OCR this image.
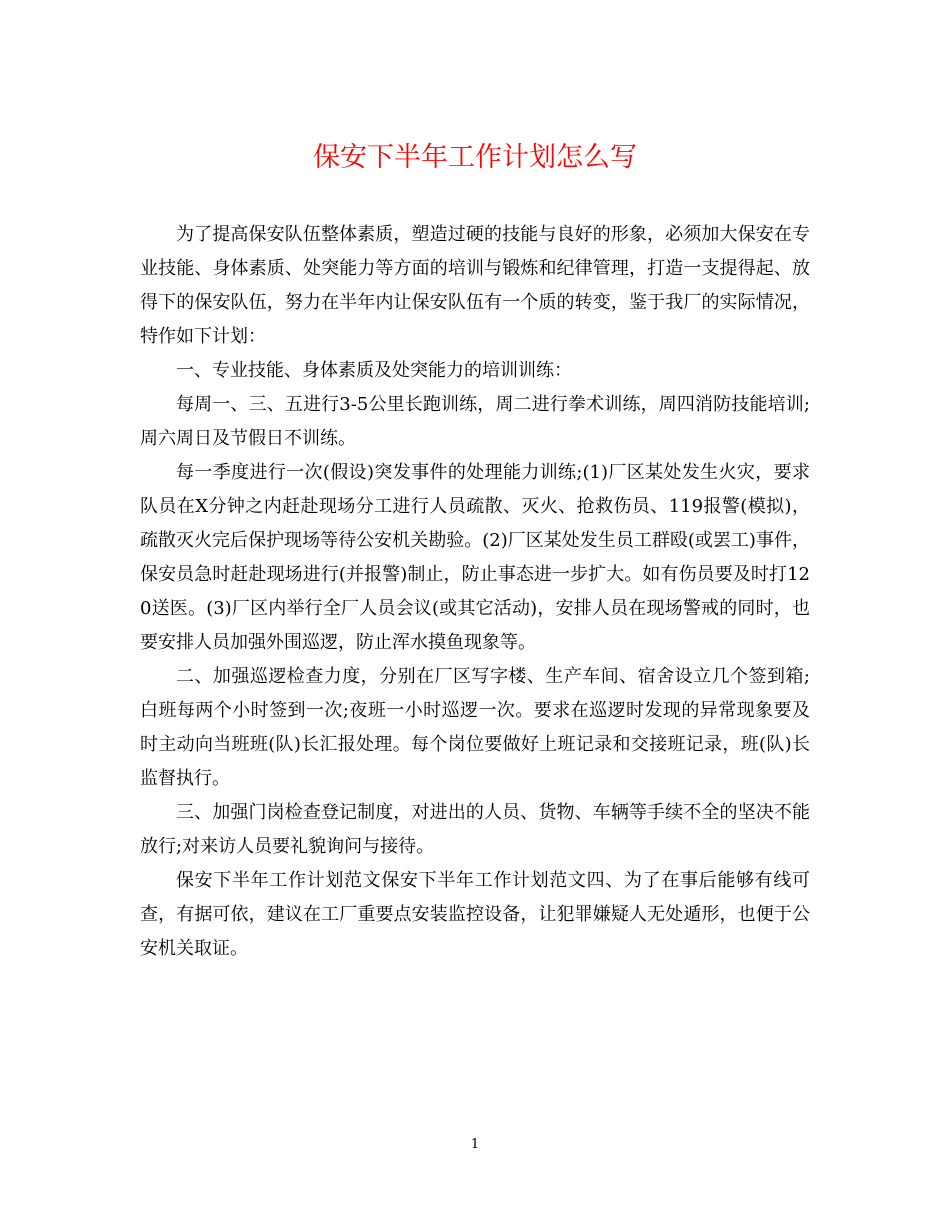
保安下半年工作计划怎么写

为了提高保安队伍整体素质，塑造过硬的技能与良好的形象，必须加大保安在专业技能、身体素质、处突能力等方面的培训与锻炼和纪律管理，打造一支提得起、放得下的保安队伍，努力在半年内让保安队伍有一个质的转变，鉴于我厂的实际情况，特作如下计划：

一、专业技能、身体素质及处突能力的培训训练：

每周一、三、五进行3-5公里长跑训练，周二进行拳术训练，周四消防技能培训;周六周日及节假日不训练。

每一季度进行一次(假设)突发事件的处理能力训练;(1)厂区某处发生火灾，要求队员在X分钟之内赶赴现场分工进行人员疏散、灭火、抢救伤员、119报警(模拟)，疏散灭火完后保护现场等待公安机关勘验。(2)厂区某处发生员工群殴(或罢工)事件，保安员急时赶赴现场进行(并报警)制止，防止事态进一步扩大。如有伤员要及时打120送医。(3)厂区内举行全厂人员会议(或其它活动)，安排人员在现场警戒的同时，也要安排人员加强外围巡逻，防止浑水摸鱼现象等。

二、加强巡逻检查力度，分别在厂区写字楼、生产车间、宿舍设立几个签到箱;白班每两个小时签到一次;夜班一小时巡逻一次。要求在巡逻时发现的异常现象要及时主动向当班班(队)长汇报处理。每个岗位要做好上班记录和交接班记录，班(队)长监督执行。

三、加强门岗检查登记制度，对进出的人员、货物、车辆等手续不全的坚决不能放行;对来访人员要礼貌询问与接待。

保安下半年工作计划范文保安下半年工作计划范文四、为了在事后能够有线可查，有据可依，建议在工厂重要点安装监控设备，让犯罪嫌疑人无处遁形，也便于公安机关取证。

1
